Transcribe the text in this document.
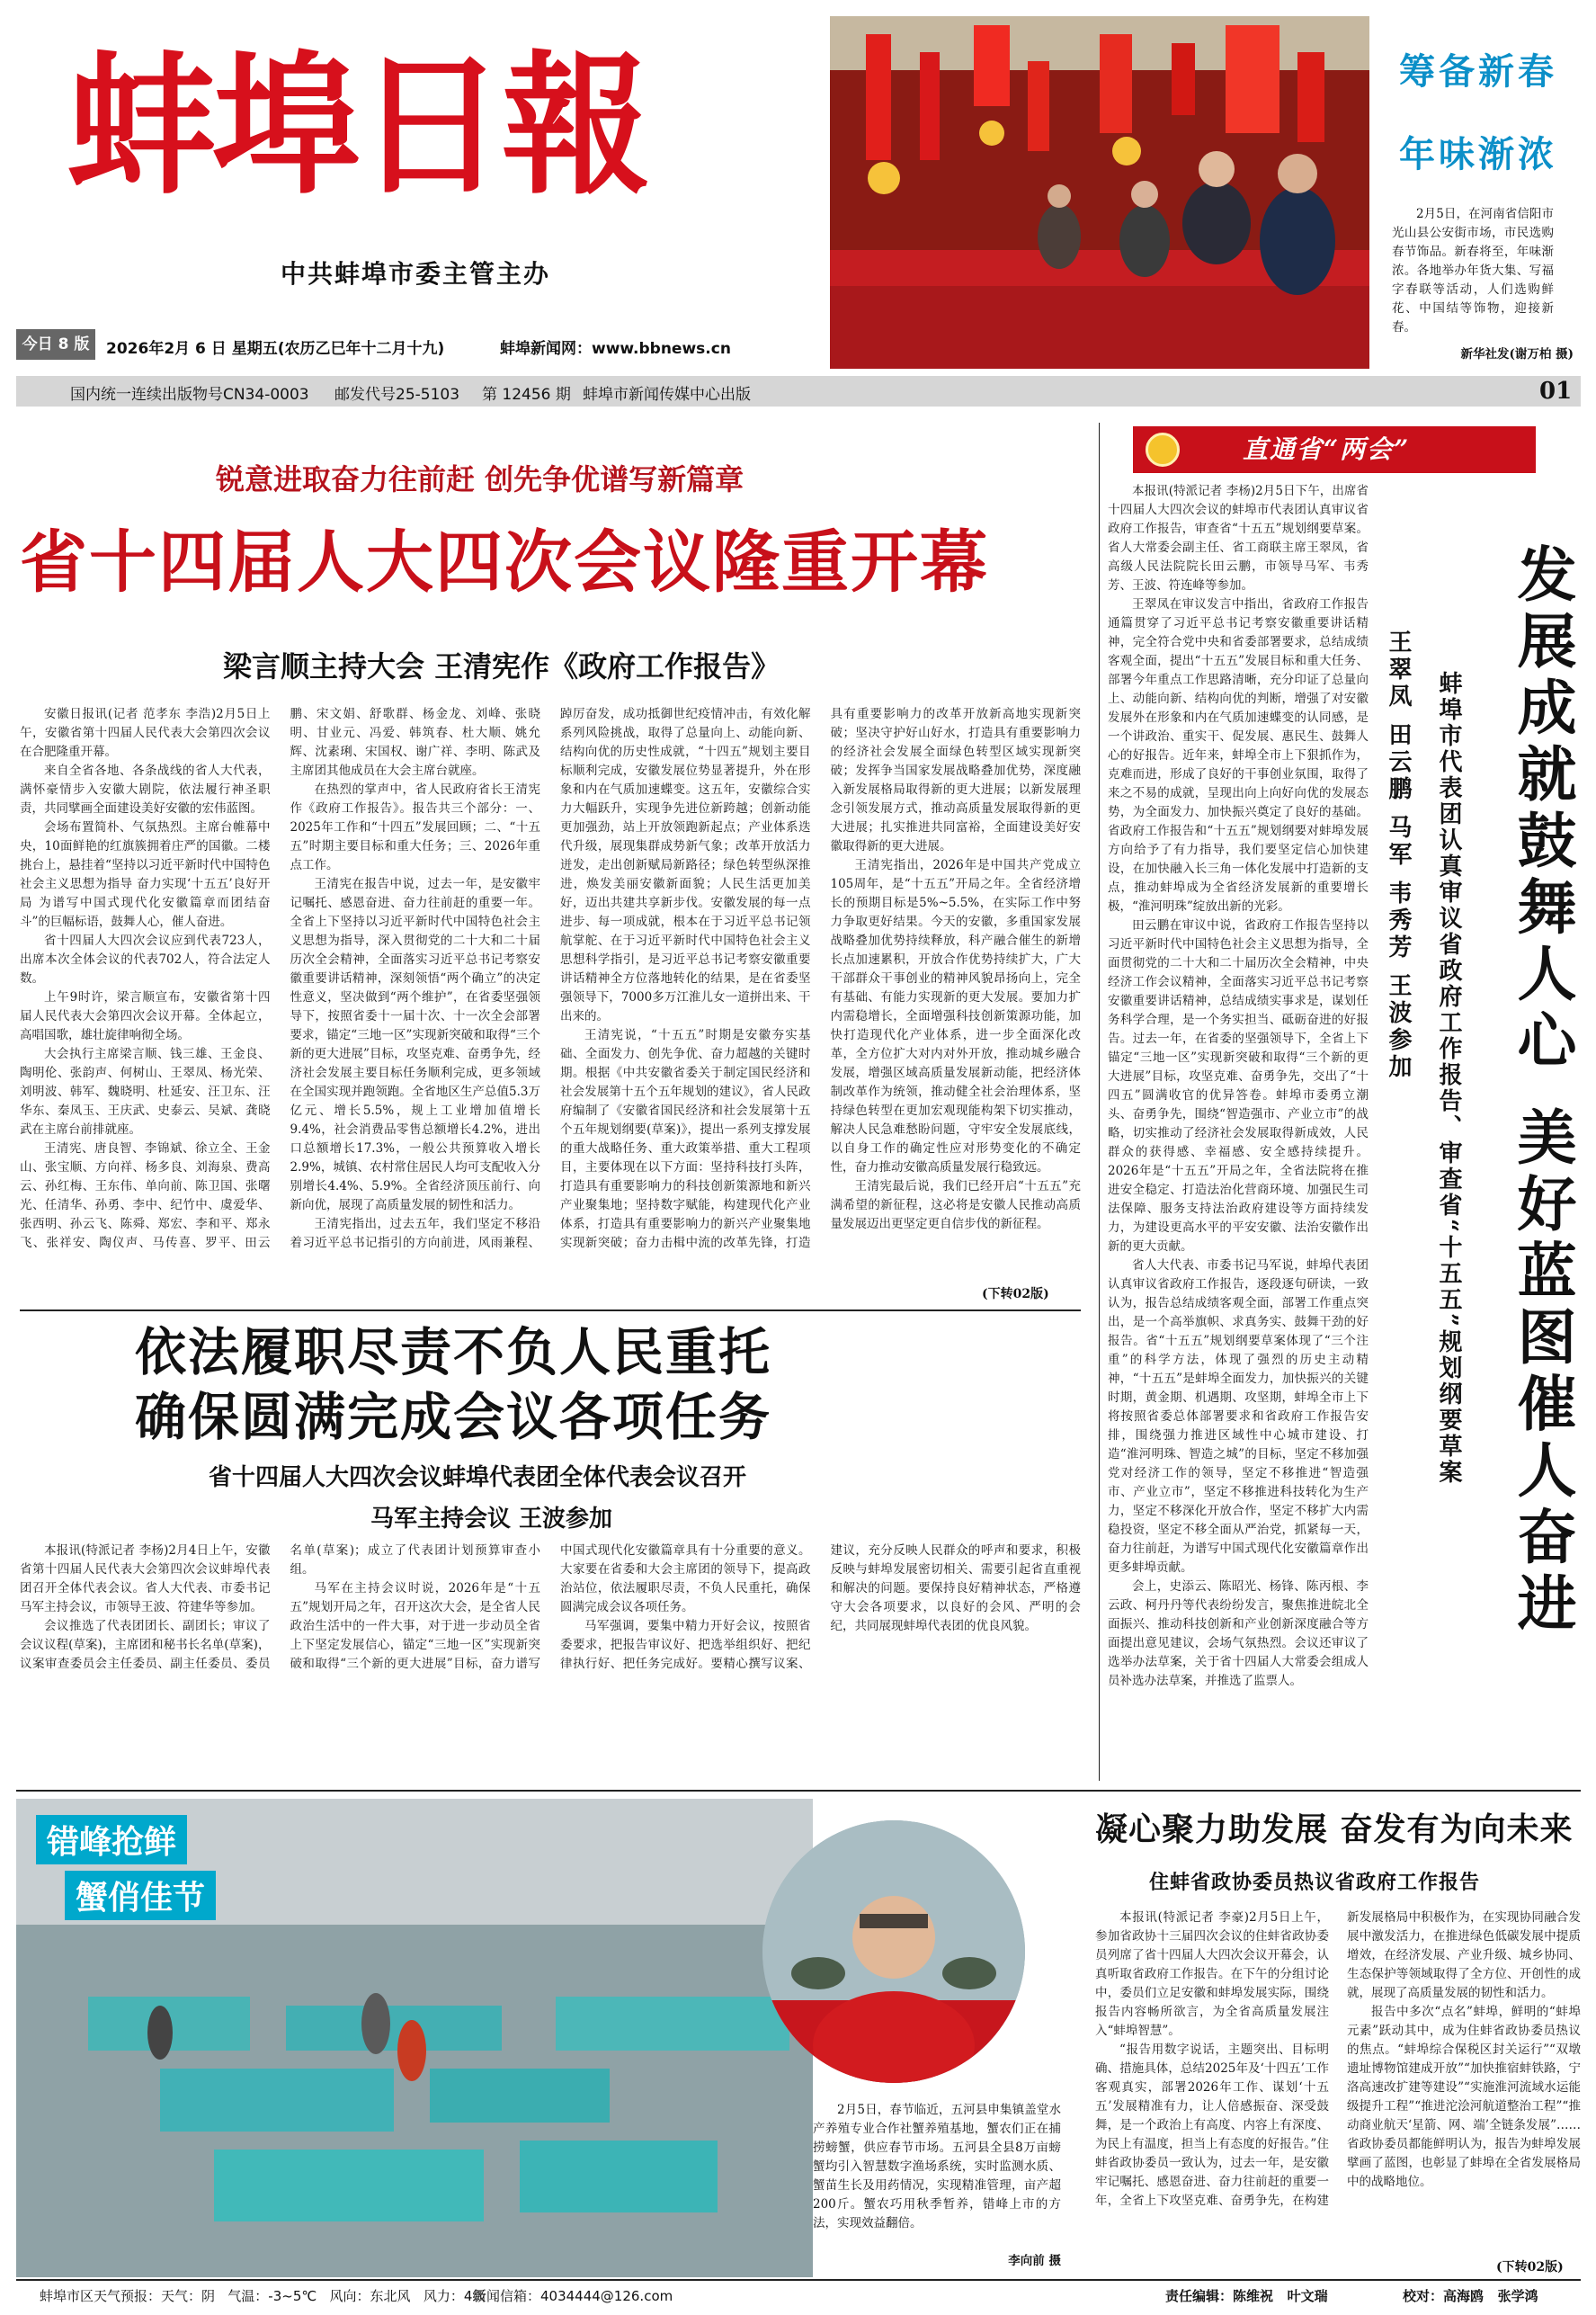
蚌埠日報
中共蚌埠市委主管主办
今日 8 版	2026年2月 6 日 星期五(农历乙巳年十二月十九)	蚌埠新闻网：www.bbnews.cn
国内统一连续出版物号CN34-0003 邮发代号25-5103 第 12456 期 蚌埠市新闻传媒中心出版	01
筹备新春
年味渐浓
2月5日，在河南省信阳市光山县公安街市场，市民选购春节饰品。新春将至，年味渐浓。各地举办年货大集、写福字春联等活动，人们选购鲜花、中国结等饰物，迎接新春。
新华社发(谢万柏 摄)
锐意进取奋力往前赶 创先争优谱写新篇章
省十四届人大四次会议隆重开幕
梁言顺主持大会 王清宪作《政府工作报告》

安徽日报讯(记者 范孝东 李浩)2月5日上午，安徽省第十四届人民代表大会第四次会议在合肥隆重开幕。

来自全省各地、各条战线的省人大代表，满怀豪情步入安徽大剧院，依法履行神圣职责，共同擘画全面建设美好安徽的宏伟蓝图。

会场布置简朴、气氛热烈。主席台帷幕中央，10面鲜艳的红旗簇拥着庄严的国徽。二楼挑台上，悬挂着“坚持以习近平新时代中国特色社会主义思想为指导 奋力实现‘十五五’良好开局 为谱写中国式现代化安徽篇章而团结奋斗”的巨幅标语，鼓舞人心，催人奋进。

省十四届人大四次会议应到代表723人，出席本次全体会议的代表702人，符合法定人数。

上午9时许，梁言顺宣布，安徽省第十四届人民代表大会第四次会议开幕。全体起立，高唱国歌，雄壮旋律响彻全场。

大会执行主席梁言顺、钱三雄、王金良、陶明伦、张韵声、何树山、王翠凤、杨光荣、刘明波、韩军、魏晓明、杜延安、汪卫东、汪华东、秦凤玉、王庆武、史泰云、吴斌、龚晓武在主席台前排就座。

王清宪、唐良智、李锦斌、徐立全、王金山、张宝顺、方向祥、杨多良、刘海泉、费高云、孙红梅、王东伟、单向前、陈卫国、张曙光、任清华、孙勇、李中、纪竹中、虞爱华、张西明、孙云飞、陈舜、郑宏、李和平、郑永飞、张祥安、陶仪声、马传喜、罗平、田云鹏、宋文娟、舒歌群、杨金龙、刘峰、张晓明、甘业元、冯爱、韩筑春、杜大顺、姚允辉、沈素琍、宋国权、谢广祥、李明、陈武及主席团其他成员在大会主席台就座。

在热烈的掌声中，省人民政府省长王清宪作《政府工作报告》。报告共三个部分：一、2025年工作和“十四五”发展回顾；二、“十五五”时期主要目标和重大任务；三、2026年重点工作。

王清宪在报告中说，过去一年，是安徽牢记嘱托、感恩奋进、奋力往前赶的重要一年。全省上下坚持以习近平新时代中国特色社会主义思想为指导，深入贯彻党的二十大和二十届历次全会精神，全面落实习近平总书记考察安徽重要讲话精神，深刻领悟“两个确立”的决定性意义，坚决做到“两个维护”，在省委坚强领导下，按照省委十一届十次、十一次全会部署要求，锚定“三地一区”实现新突破和取得“三个新的更大进展”目标，攻坚克难、奋勇争先，经济社会发展主要目标任务顺利完成，更多领域在全国实现并跑领跑。全省地区生产总值5.3万亿元、增长5.5%，规上工业增加值增长9.4%，社会消费品零售总额增长4.2%，进出口总额增长17.3%，一般公共预算收入增长2.9%，城镇、农村常住居民人均可支配收入分别增长4.4%、5.9%。全省经济顶压前行、向新向优，展现了高质量发展的韧性和活力。

王清宪指出，过去五年，我们坚定不移沿着习近平总书记指引的方向前进，风雨兼程、踔厉奋发，成功抵御世纪疫情冲击，有效化解系列风险挑战，取得了总量向上、动能向新、结构向优的历史性成就，“十四五”规划主要目标顺利完成，安徽发展位势显著提升，外在形象和内在气质加速蝶变。这五年，安徽综合实力大幅跃升，实现争先进位新跨越；创新动能更加强劲，站上开放领跑新起点；产业体系迭代升级，展现集群成势新气象；改革开放活力迸发，走出创新赋局新路径；绿色转型纵深推进，焕发美丽安徽新面貌；人民生活更加美好，迈出共建共享新步伐。安徽发展的每一点进步、每一项成就，根本在于习近平总书记领航掌舵、在于习近平新时代中国特色社会主义思想科学指引，是习近平总书记考察安徽重要讲话精神全方位落地转化的结果，是在省委坚强领导下，7000多万江淮儿女一道拼出来、干出来的。

王清宪说，“十五五”时期是安徽夯实基础、全面发力、创先争优、奋力超越的关键时期。根据《中共安徽省委关于制定国民经济和社会发展第十五个五年规划的建议》，省人民政府编制了《安徽省国民经济和社会发展第十五个五年规划纲要(草案)》，提出一系列支撑发展的重大战略任务、重大政策举措、重大工程项目，主要体现在以下方面：坚持科技打头阵，打造具有重要影响力的科技创新策源地和新兴产业聚集地；坚持数字赋能，构建现代化产业体系，打造具有重要影响力的新兴产业聚集地实现新突破；奋力击楫中流的改革先锋，打造具有重要影响力的改革开放新高地实现新突破；坚决守护好山好水，打造具有重要影响力的经济社会发展全面绿色转型区域实现新突破；发挥争当国家发展战略叠加优势，深度融入新发展格局取得新的更大进展；以新发展理念引领发展方式，推动高质量发展取得新的更大进展；扎实推进共同富裕，全面建设美好安徽取得新的更大进展。

王清宪指出，2026年是中国共产党成立105周年，是“十五五”开局之年。全省经济增长的预期目标是5%~5.5%，在实际工作中努力争取更好结果。今天的安徽，多重国家发展战略叠加优势持续释放，科产融合催生的新增长点加速累积，开放合作优势持续扩大，广大干部群众干事创业的精神风貌昂扬向上，完全有基础、有能力实现新的更大发展。要加力扩内需稳增长，全面增强科技创新策源功能，加快打造现代化产业体系，进一步全面深化改革，全方位扩大对内对外开放，推动城乡融合发展，增强区域高质量发展新动能，把经济体制改革作为统领，推动健全社会治理体系，坚持绿色转型在更加宏观现能构架下切实推动，解决人民急难愁盼问题，守牢安全发展底线，以自身工作的确定性应对形势变化的不确定性，奋力推动安徽高质量发展行稳致远。

王清宪最后说，我们已经开启“十五五”充满希望的新征程，这必将是安徽人民推动高质量发展迈出更坚定更自信步伐的新征程。

(下转02版)
依法履职尽责不负人民重托
确保圆满完成会议各项任务
省十四届人大四次会议蚌埠代表团全体代表会议召开
马军主持会议 王波参加

本报讯(特派记者 李杨)2月4日上午，安徽省第十四届人民代表大会第四次会议蚌埠代表团召开全体代表会议。省人大代表、市委书记马军主持会议，市领导王波、符建华等参加。

会议推选了代表团团长、副团长；审议了会议议程(草案)，主席团和秘书长名单(草案)，议案审查委员会主任委员、副主任委员、委员名单(草案)；成立了代表团计划预算审查小组。

马军在主持会议时说，2026年是“十五五”规划开局之年，召开这次大会，是全省人民政治生活中的一件大事，对于进一步动员全省上下坚定发展信心，锚定“三地一区”实现新突破和取得“三个新的更大进展”目标，奋力谱写中国式现代化安徽篇章具有十分重要的意义。大家要在省委和大会主席团的领导下，提高政治站位，依法履职尽责，不负人民重托，确保圆满完成会议各项任务。

马军强调，要集中精力开好会议，按照省委要求，把报告审议好、把选举组织好、把纪律执行好、把任务完成好。要精心撰写议案、建议，充分反映人民群众的呼声和要求，积极反映与蚌埠发展密切相关、需要引起省直重视和解决的问题。要保持良好精神状态，严格遵守大会各项要求，以良好的会风、严明的会纪，共同展现蚌埠代表团的优良风貌。

直通省“两会”

本报讯(特派记者 李杨)2月5日下午，出席省十四届人大四次会议的蚌埠市代表团认真审议省政府工作报告，审查省“十五五”规划纲要草案。省人大常委会副主任、省工商联主席王翠凤，省高级人民法院院长田云鹏，市领导马军、韦秀芳、王波、符连峰等参加。

王翠凤在审议发言中指出，省政府工作报告通篇贯穿了习近平总书记考察安徽重要讲话精神，完全符合党中央和省委部署要求，总结成绩客观全面，提出“十五五”发展目标和重大任务、部署今年重点工作思路清晰，充分印证了总量向上、动能向新、结构向优的判断，增强了对安徽发展外在形象和内在气质加速蝶变的认同感，是一个讲政治、重实干、促发展、惠民生、鼓舞人心的好报告。近年来，蚌埠全市上下狠抓作为，克难而进，形成了良好的干事创业氛围，取得了来之不易的成就，呈现出向上向好向优的发展态势，为全面发力、加快振兴奠定了良好的基础。省政府工作报告和“十五五”规划纲要对蚌埠发展方向给予了有力指导，我们要坚定信心加快建设，在加快融入长三角一体化发展中打造新的支点，推动蚌埠成为全省经济发展新的重要增长极，“淮河明珠”绽放出新的光彩。

田云鹏在审议中说，省政府工作报告坚持以习近平新时代中国特色社会主义思想为指导，全面贯彻党的二十大和二十届历次全会精神，中央经济工作会议精神，全面落实习近平总书记考察安徽重要讲话精神，总结成绩实事求是，谋划任务科学合理，是一个务实担当、砥砺奋进的好报告。过去一年，在省委的坚强领导下，全省上下锚定“三地一区”实现新突破和取得“三个新的更大进展”目标，攻坚克难、奋勇争先，交出了“十四五”圆满收官的优异答卷。蚌埠市委勇立潮头、奋勇争先，围绕“智造强市、产业立市”的战略，切实推动了经济社会发展取得新成效，人民群众的获得感、幸福感、安全感持续提升。2026年是“十五五”开局之年，全省法院将在推进安全稳定、打造法治化营商环境、加强民生司法保障、服务支持法治政府建设等方面持续发力，为建设更高水平的平安安徽、法治安徽作出新的更大贡献。

省人大代表、市委书记马军说，蚌埠代表团认真审议省政府工作报告，逐段逐句研读，一致认为，报告总结成绩客观全面，部署工作重点突出，是一个高举旗帜、求真务实、鼓舞干劲的好报告。省“十五五”规划纲要草案体现了“三个注重”的科学方法，体现了强烈的历史主动精神，“十五五”是蚌埠全面发力，加快振兴的关键时期，黄金期、机遇期、攻坚期，蚌埠全市上下将按照省委总体部署要求和省政府工作报告安排，围绕强力推进区域性中心城市建设、打造“淮河明珠、智造之城”的目标，坚定不移加强党对经济工作的领导，坚定不移推进“智造强市、产业立市”，坚定不移推进科技转化为生产力，坚定不移深化开放合作，坚定不移扩大内需稳投资，坚定不移全面从严治党，抓紧每一天，奋力往前赶，为谱写中国式现代化安徽篇章作出更多蚌埠贡献。

会上，史添云、陈昭光、杨锋、陈丙根、李云政、柯丹丹等代表纷纷发言，聚焦推进皖北全面振兴、推动科技创新和产业创新深度融合等方面提出意见建议，会场气氛热烈。会议还审议了选举办法草案，关于省十四届人大常委会组成人员补选办法草案，并推选了监票人。

发展成就鼓舞人心
美好蓝图催人奋进
蚌埠市代表团认真审议省政府工作报告、审查省“十五五”规划纲要草案
王翠凤 田云鹏 马军 韦秀芳 王波参加
错峰抢鲜
蟹俏佳节
2月5日，春节临近，五河县申集镇盖堂水产养殖专业合作社蟹养殖基地，蟹农们正在捕捞螃蟹，供应春节市场。五河县全县8万亩螃蟹均引入智慧数字渔场系统，实时监测水质、蟹苗生长及用药情况，实现精准管理，亩产超200斤。蟹农巧用秋季暂养，错峰上市的方法，实现效益翻倍。
李向前 摄
凝心聚力助发展 奋发有为向未来
住蚌省政协委员热议省政府工作报告

本报讯(特派记者 李豪)2月5日上午，参加省政协十三届四次会议的住蚌省政协委员列席了省十四届人大四次会议开幕会，认真听取省政府工作报告。在下午的分组讨论中，委员们立足安徽和蚌埠发展实际，围绕报告内容畅所欲言，为全省高质量发展注入“蚌埠智慧”。

“报告用数字说话，主题突出、目标明确、措施具体，总结2025年及‘十四五’工作客观真实，部署2026年工作、谋划‘十五五’发展精准有力，让人倍感振奋、深受鼓舞，是一个政治上有高度、内容上有深度、为民上有温度，担当上有态度的好报告。”住蚌省政协委员一致认为，过去一年，是安徽牢记嘱托、感恩奋进、奋力往前赶的重要一年，全省上下攻坚克难、奋勇争先，在构建新发展格局中积极作为，在实现协同融合发展中激发活力，在推进绿色低碳发展中提质增效，在经济发展、产业升级、城乡协同、生态保护等领域取得了全方位、开创性的成就，展现了高质量发展的韧性和活力。

报告中多次“点名”蚌埠，鲜明的“蚌埠元素”跃动其中，成为住蚌省政协委员热议的焦点。“蚌埠综合保税区封关运行”“双墩遗址博物馆建成开放”“加快推宿蚌铁路，宁洛高速改扩建等建设”“实施淮河流域水运能级提升工程”“推进沱浍河航道整治工程”“推动商业航天‘星箭、网、端’全链条发展”……省政协委员都能鲜明认为，报告为蚌埠发展擘画了蓝图，也彰显了蚌埠在全省发展格局中的战略地位。

(下转02版)
蚌埠市区天气预报：天气：阴   气温：-3~5℃   风向：东北风   风力：4级
新闻信箱：4034444@126.com	责任编辑：陈维祝   叶文瑞	校对：高海鸥   张学鸿
